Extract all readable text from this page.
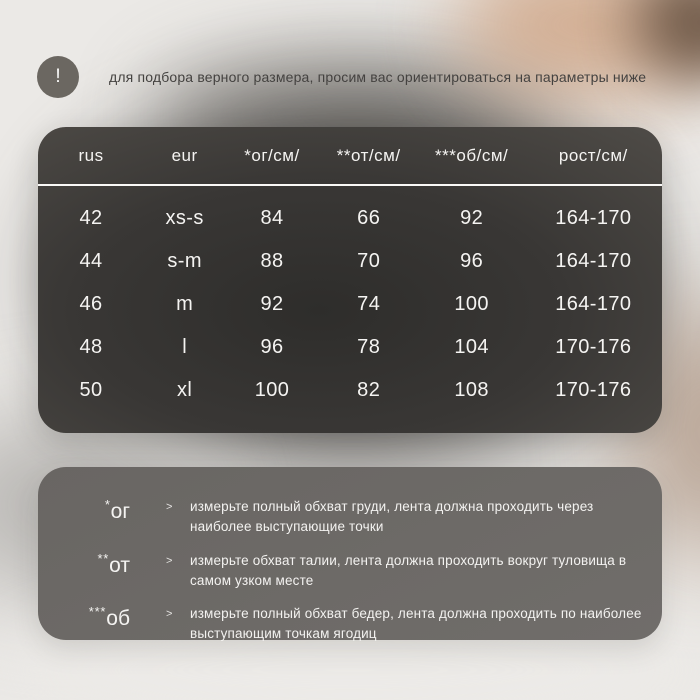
!	для подбора верного размера, просим вас ориентироваться на параметры ниже
rus	eur	*ог/см/	**от/см/	***об/см/	рост/см/
42	xs-s	84	66	92	164-170
44	s-m	88	70	96	164-170
46	m	92	74	100	164-170
48	l	96	78	104	170-176
50	xl	100	82	108	170-176
*ог	>	измерьте полный обхват груди, лента должна проходить через наиболее выступающие точки
**от	>	измерьте обхват талии, лента должна проходить вокруг туловища в самом узком месте
***об	>	измерьте полный обхват бедер, лента должна проходить по наиболее выступающим точкам ягодиц
